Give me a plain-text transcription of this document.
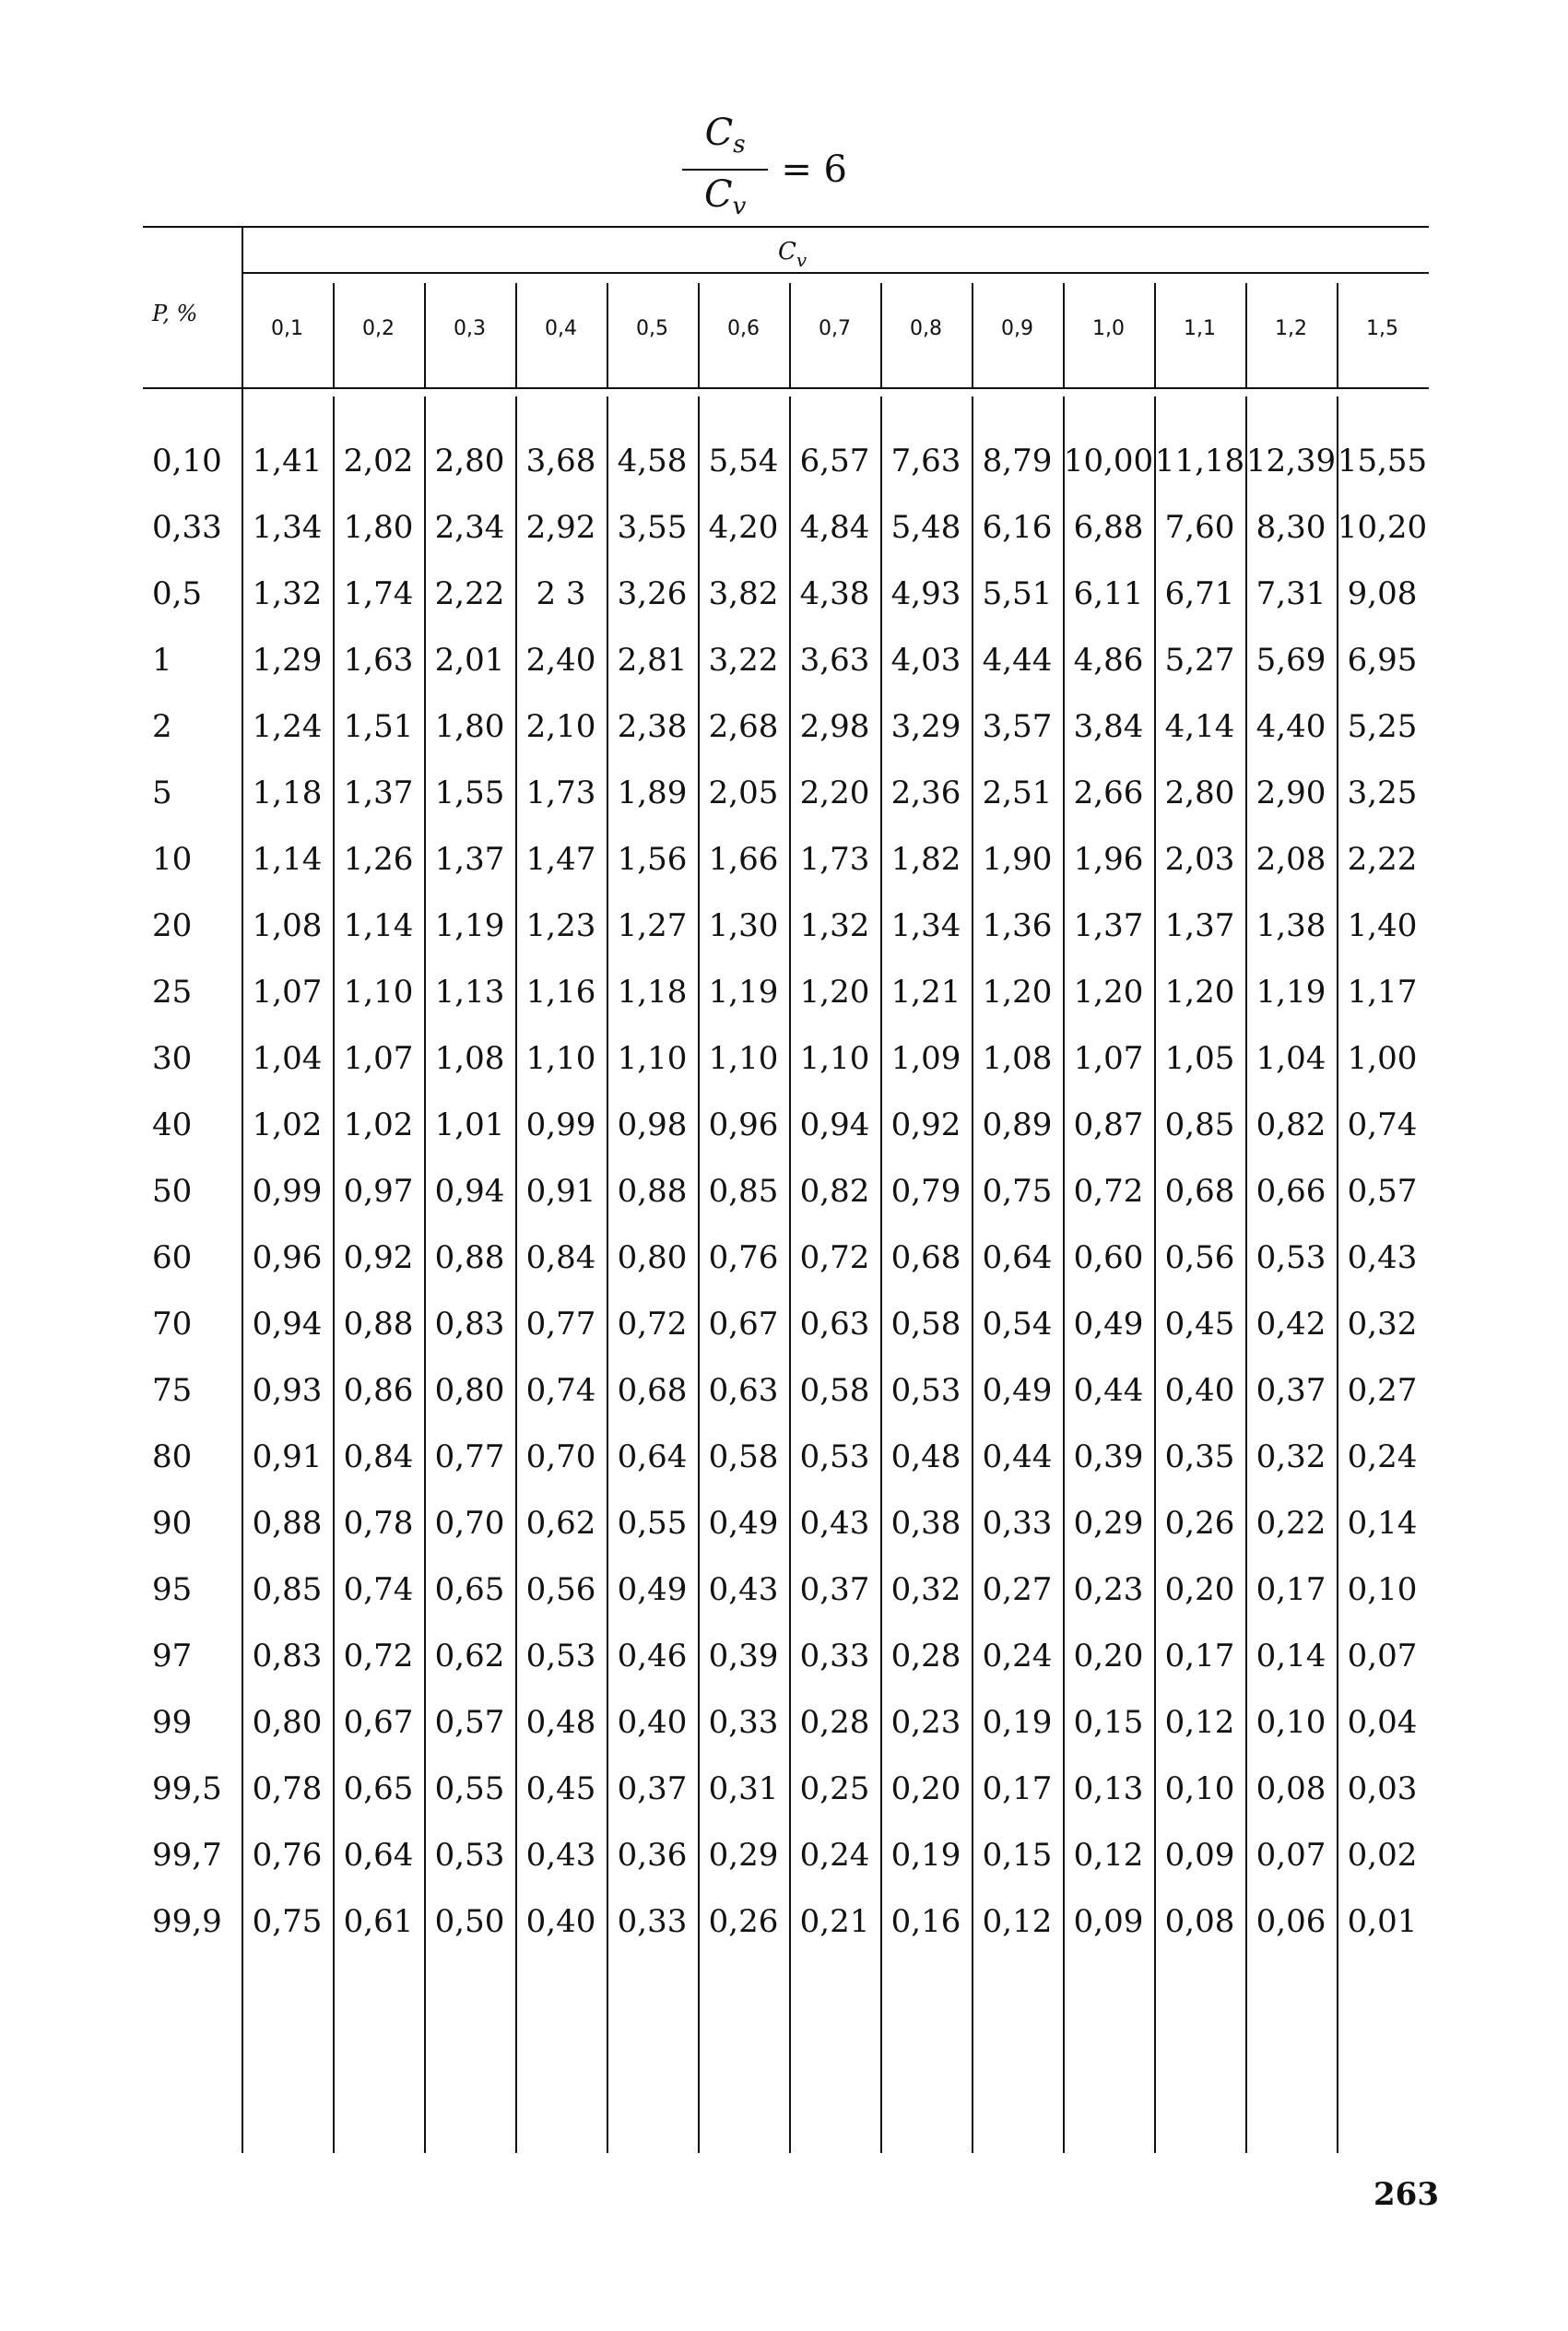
$\frac{C_s}{C_v} = 6$
P, %
$C_v$
0,1	0,2	0,3	0,4	0,5	0,6	0,7	0,8	0,9	1,0	1,1	1,2	1,5
0,10 1,41 2,02 2,80 3,68 4,58 5,54 6,57 7,63 8,79 10,00 11,18 12,39 15,55
0,33 1,34 1,80 2,34 2,92 3,55 4,20 4,84 5,48 6,16 6,88 7,60 8,30 10,20
0,5	1,32 1,74 2,22	2 3	3,26 3,82 4,38 4,93 5,51 6,11 6,71 7,31 9,08
1	1,29 1,63 2,01 2,40 2,81 3,22 3,63 4,03 4,44 4,86 5,27 5,69 6,95
2	1,24 1,51 1,80 2,10 2,38 2,68 2,98 3,29 3,57 3,84 4,14 4,40 5,25
5	1,18 1,37 1,55 1,73 1,89 2,05 2,20 2,36 2,51 2,66 2,80 2,90 3,25
10	1,14 1,26 1,37 1,47 1,56 1,66 1,73 1,82 1,90 1,96 2,03 2,08 2,22
20	1,08 1,14 1,19 1,23 1,27 1,30 1,32 1,34 1,36 1,37 1,37 1,38 1,40
25	1,07 1,10 1,13 1,16 1,18 1,19 1,20 1,21 1,20 1,20 1,20 1,19 1,17
30	1,04 1,07 1,08 1,10 1,10 1,10 1,10 1,09 1,08 1,07 1,05 1,04 1,00
40	1,02 1,02 1,01 0,99 0,98 0,96 0,94 0,92 0,89 0,87 0,85 0,82 0,74
50	0,99 0,97 0,94 0,91 0,88 0,85 0,82 0,79 0,75 0,72 0,68 0,66 0,57
60	0,96 0,92 0,88 0,84 0,80 0,76 0,72 0,68 0,64 0,60 0,56 0,53 0,43
70	0,94 0,88 0,83 0,77 0,72 0,67 0,63 0,58 0,54 0,49 0,45 0,42 0,32
75	0,93 0,86 0,80 0,74 0,68 0,63 0,58 0,53 0,49 0,44 0,40 0,37 0,27
80	0,91 0,84 0,77 0,70 0,64 0,58 0,53 0,48 0,44 0,39 0,35 0,32 0,24
90	0,88 0,78 0,70 0,62 0,55 0,49 0,43 0,38 0,33 0,29 0,26 0,22 0,14
95	0,85 0,74 0,65 0,56 0,49 0,43 0,37 0,32 0,27 0,23 0,20 0,17 0,10
97	0,83 0,72 0,62 0,53 0,46 0,39 0,33 0,28 0,24 0,20 0,17 0,14 0,07
99	0,80 0,67 0,57 0,48 0,40 0,33 0,28 0,23 0,19 0,15 0,12 0,10 0,04
99,5 0,78 0,65 0,55 0,45 0,37 0,31 0,25 0,20 0,17 0,13 0,10 0,08 0,03
99,7 0,76 0,64 0,53 0,43 0,36 0,29 0,24 0,19 0,15 0,12 0,09 0,07 0,02
99,9 0,75 0,61 0,50 0,40 0,33 0,26 0,21 0,16 0,12 0,09 0,08 0,06 0,01
263
